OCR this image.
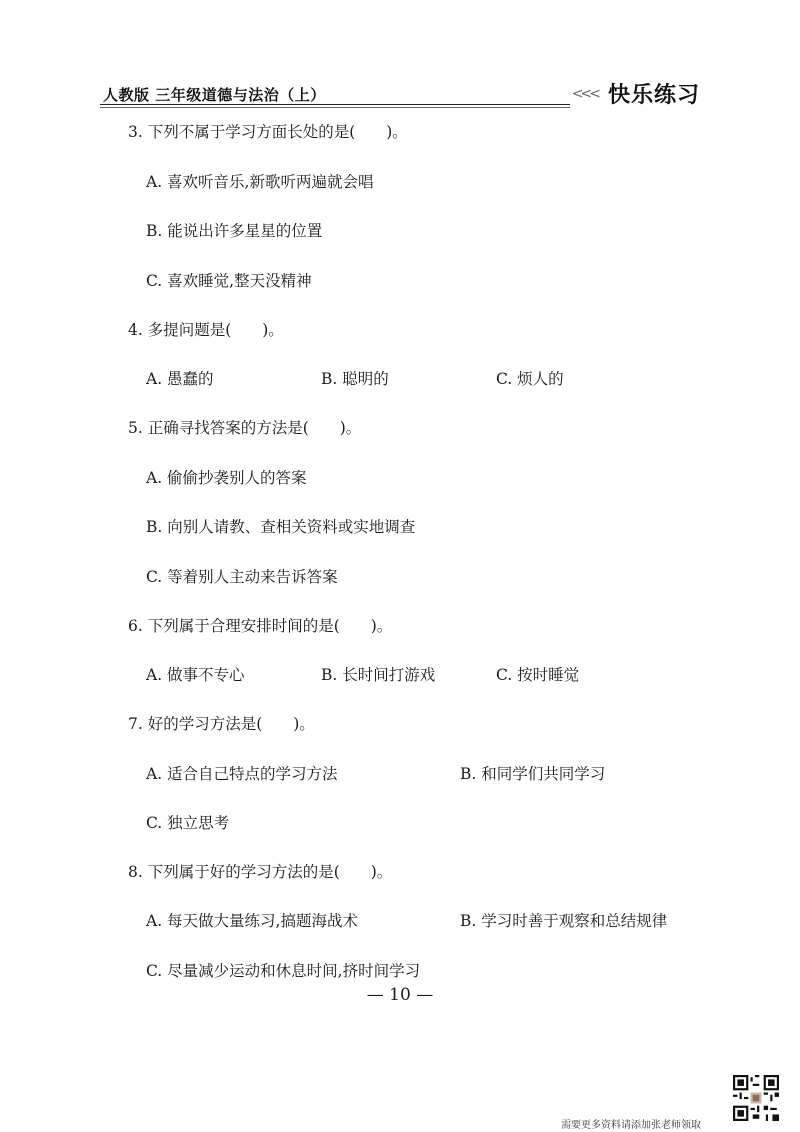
人教版 三年级道德与法治（上）	<<< 快乐练习
3. 下列不属于学习方面长处的是(　　)。
A. 喜欢听音乐,新歌听两遍就会唱
B. 能说出许多星星的位置
C. 喜欢睡觉,整天没精神
4. 多提问题是(　　)。
A. 愚蠢的	B. 聪明的	C. 烦人的
5. 正确寻找答案的方法是(　　)。
A. 偷偷抄袭别人的答案
B. 向别人请教、查相关资料或实地调查
C. 等着别人主动来告诉答案
6. 下列属于合理安排时间的是(　　)。
A. 做事不专心	B. 长时间打游戏	C. 按时睡觉
7. 好的学习方法是(　　)。
A. 适合自己特点的学习方法	B. 和同学们共同学习
C. 独立思考
8. 下列属于好的学习方法的是(　　)。
A. 每天做大量练习,搞题海战术	B. 学习时善于观察和总结规律
C. 尽量减少运动和休息时间,挤时间学习
— 10 —
需要更多资料请添加张老师领取
